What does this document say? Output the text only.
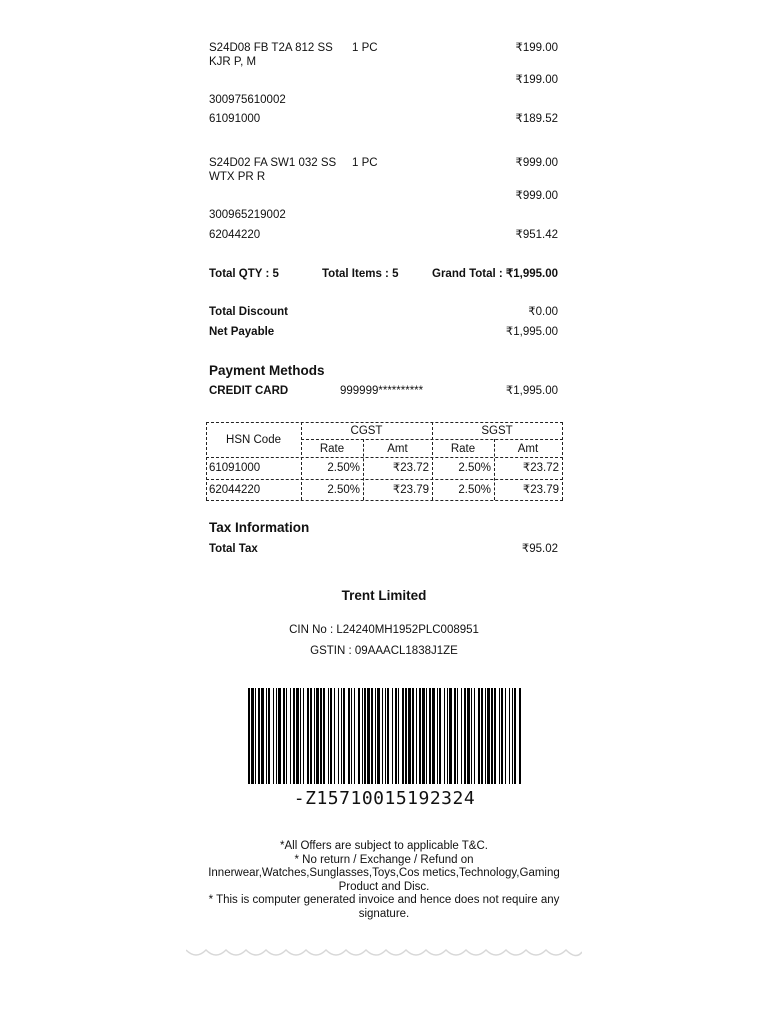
S24D08 FB T2A 812 SS
KJR P, M
1 PC	₹199.00
₹199.00
300975610002
61091000	₹189.52
S24D02 FA SW1 032 SS
WTX PR R
1 PC	₹999.00
₹999.00
300965219002
62044220	₹951.42
Total QTY : 5	Total Items : 5	Grand Total : ₹1,995.00
Total Discount	₹0.00
Net Payable	₹1,995.00
Payment Methods
CREDIT CARD	999999**********	₹1,995.00
HSN Code
CGST	SGST
Rate	Amt	Rate	Amt
61091000	2.50%	₹23.72	2.50%	₹23.72
62044220	2.50%	₹23.79	2.50%	₹23.79
Tax Information
Total Tax	₹95.02
Trent Limited
CIN No : L24240MH1952PLC008951
GSTIN : 09AAACL1838J1ZE
-Z15710015192324
*All Offers are subject to applicable T&C.
* No return / Exchange / Refund on Innerwear,Watches,Sunglasses,Toys,Cos metics,Technology,Gaming Product and Disc.
* This is computer generated invoice and hence does not require any signature.
